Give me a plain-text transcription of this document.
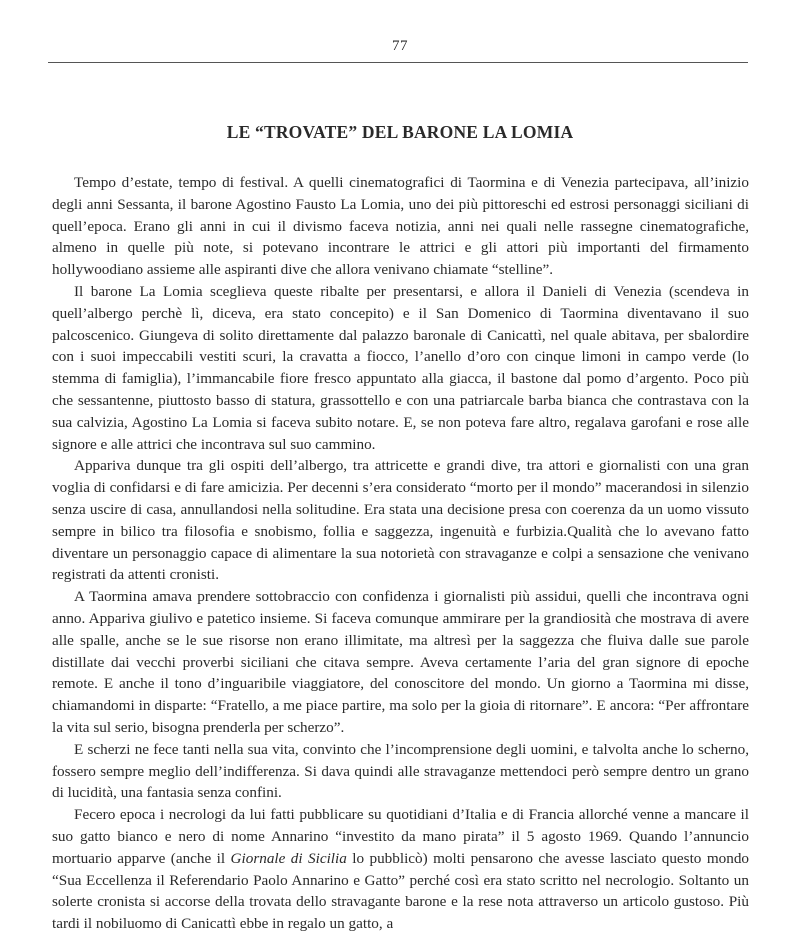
77
LE “TROVATE” DEL BARONE LA LOMIA

Tempo d’estate, tempo di festival. A quelli cinematografici di Taormina e di Venezia partecipava, all’inizio degli anni Sessanta, il barone Agostino Fausto La Lomia, uno dei più pittoreschi ed estrosi personaggi siciliani di quell’epoca. Erano gli anni in cui il divismo faceva notizia, anni nei quali nelle rassegne cinematografiche, almeno in quelle più note, si potevano incontrare le attrici e gli attori più importanti del firmamento hollywoodiano assieme alle aspiranti dive che allora venivano chiamate “stelline”.

Il barone La Lomia sceglieva queste ribalte per presentarsi, e allora il Danieli di Venezia (scendeva in quell’albergo perchè lì, diceva, era stato concepito) e il San Domenico di Taormina diventavano il suo palcoscenico. Giungeva di solito direttamente dal palazzo baronale di Canicattì, nel quale abitava, per sbalordire con i suoi impeccabili vestiti scuri, la cravatta a fiocco, l’anello d’oro con cinque limoni in campo verde (lo stemma di famiglia), l’immancabile fiore fresco appuntato alla giacca, il bastone dal pomo d’argento. Poco più che sessantenne, piuttosto basso di statura, grassottello e con una patriarcale barba bianca che contrastava con la sua calvizia, Agostino La Lomia si faceva subito notare. E, se non poteva fare altro, regalava garofani e rose alle signore e alle attrici che incontrava sul suo cammino.

Appariva dunque tra gli ospiti dell’albergo, tra attricette e grandi dive, tra attori e giornalisti con una gran voglia di confidarsi e di fare amicizia. Per decenni s’era considerato “morto per il mondo” macerandosi in silenzio senza uscire di casa, annullandosi nella solitudine. Era stata una decisione presa con coerenza da un uomo vissuto sempre in bilico tra filosofia e snobismo, follia e saggezza, ingenuità e furbizia.Qualità che lo avevano fatto diventare un personaggio capace di alimentare la sua notorietà con stravaganze e colpi a sensazione che venivano registrati da attenti cronisti.

A Taormina amava prendere sottobraccio con confidenza i giornalisti più assidui, quelli che incontrava ogni anno. Appariva giulivo e patetico insieme. Si faceva comunque ammirare per la grandiosità che mostrava di avere alle spalle, anche se le sue risorse non erano illimitate, ma altresì per la saggezza che fluiva dalle sue parole distillate dai vecchi proverbi siciliani che citava sempre. Aveva certamente l’aria del gran signore di epoche remote. E anche il tono d’inguaribile viaggiatore, del conoscitore del mondo. Un giorno a Taormina mi disse, chiamandomi in disparte: “Fratello, a me piace partire, ma solo per la gioia di ritornare”. E ancora: “Per affrontare la vita sul serio, bisogna prenderla per scherzo”.

E scherzi ne fece tanti nella sua vita, convinto che l’incomprensione degli uomini, e talvolta anche lo scherno, fossero sempre meglio dell’indifferenza. Si dava quindi alle stravaganze mettendoci però sempre dentro un grano di lucidità, una fantasia senza confini.

Fecero epoca i necrologi da lui fatti pubblicare su quotidiani d’Italia e di Francia allorché venne a mancare il suo gatto bianco e nero di nome Annarino “investito da mano pirata” il 5 agosto 1969. Quando l’annuncio mortuario apparve (anche il Giornale di Sicilia lo pubblicò) molti pensarono che avesse lasciato questo mondo “Sua Eccellenza il Referendario Paolo Annarino e Gatto” perché così era stato scritto nel necrologio. Soltanto un solerte cronista si accorse della trovata dello stravagante barone e la rese nota attraverso un articolo gustoso. Più tardi il nobiluomo di Canicattì ebbe in regalo un gatto, a
